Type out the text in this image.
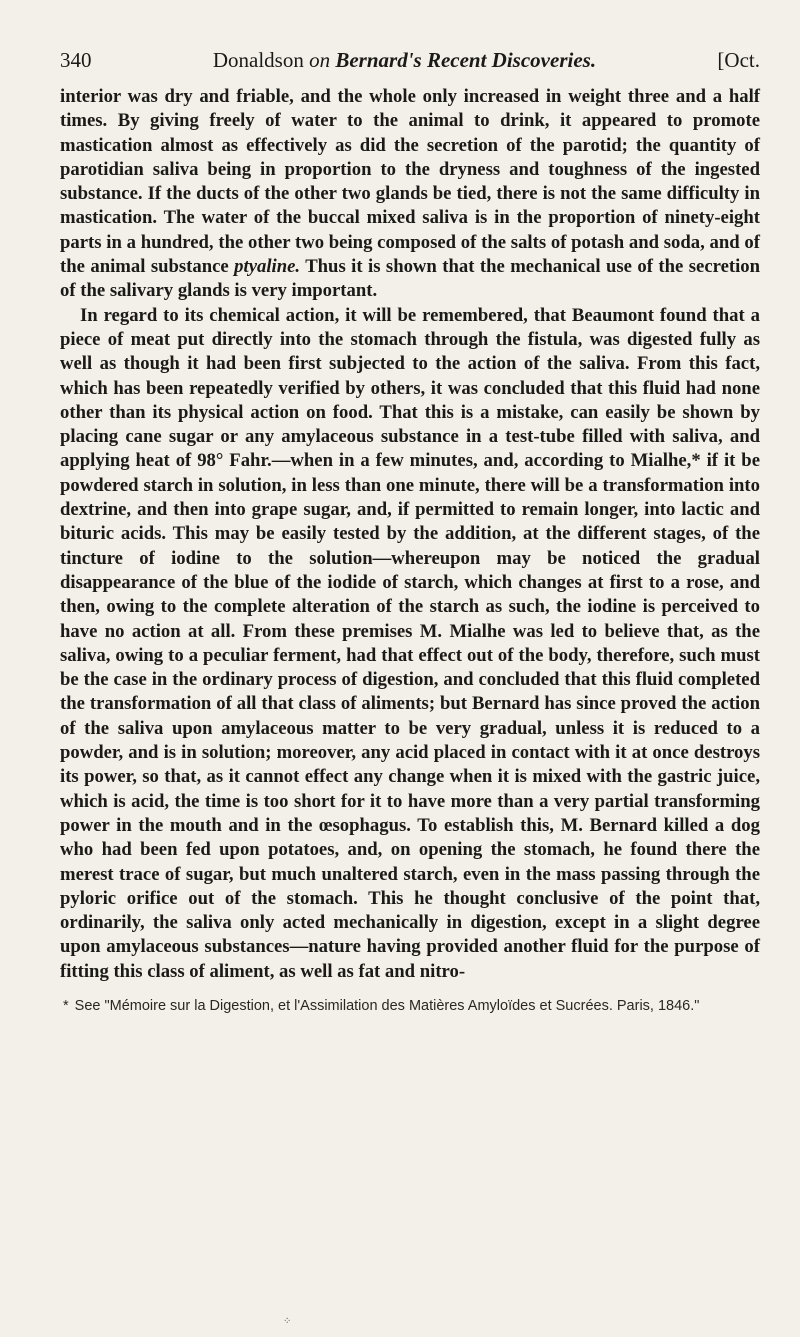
340	Donaldson on Bernard's Recent Discoveries.	[Oct.

interior was dry and friable, and the whole only increased in weight three and a half times. By giving freely of water to the animal to drink, it appeared to promote mastication almost as effectively as did the secretion of the parotid; the quantity of parotidian saliva being in proportion to the dryness and toughness of the ingested substance. If the ducts of the other two glands be tied, there is not the same difficulty in mastication. The water of the buccal mixed saliva is in the proportion of ninety-eight parts in a hundred, the other two being composed of the salts of potash and soda, and of the animal substance ptyaline. Thus it is shown that the mechanical use of the secretion of the salivary glands is very important.

In regard to its chemical action, it will be remembered, that Beaumont found that a piece of meat put directly into the stomach through the fistula, was digested fully as well as though it had been first subjected to the action of the saliva. From this fact, which has been repeatedly verified by others, it was concluded that this fluid had none other than its physical action on food. That this is a mistake, can easily be shown by placing cane sugar or any amylaceous substance in a test-tube filled with saliva, and applying heat of 98° Fahr.—when in a few minutes, and, according to Mialhe,* if it be powdered starch in solution, in less than one minute, there will be a transformation into dextrine, and then into grape sugar, and, if permitted to remain longer, into lactic and bituric acids. This may be easily tested by the addition, at the different stages, of the tincture of iodine to the solution—whereupon may be noticed the gradual disappearance of the blue of the iodide of starch, which changes at first to a rose, and then, owing to the complete alteration of the starch as such, the iodine is perceived to have no action at all. From these premises M. Mialhe was led to believe that, as the saliva, owing to a peculiar ferment, had that effect out of the body, therefore, such must be the case in the ordinary process of digestion, and concluded that this fluid completed the transformation of all that class of aliments; but Bernard has since proved the action of the saliva upon amylaceous matter to be very gradual, unless it is reduced to a powder, and is in solution; moreover, any acid placed in contact with it at once destroys its power, so that, as it cannot effect any change when it is mixed with the gastric juice, which is acid, the time is too short for it to have more than a very partial transforming power in the mouth and in the œsophagus. To establish this, M. Bernard killed a dog who had been fed upon potatoes, and, on opening the stomach, he found there the merest trace of sugar, but much unaltered starch, even in the mass passing through the pyloric orifice out of the stomach. This he thought conclusive of the point that, ordinarily, the saliva only acted mechanically in digestion, except in a slight degree upon amylaceous substances—nature having provided another fluid for the purpose of fitting this class of aliment, as well as fat and nitro-

* See "Mémoire sur la Digestion, et l'Assimilation des Matières Amyloïdes et Sucrées. Paris, 1846."
⁘
